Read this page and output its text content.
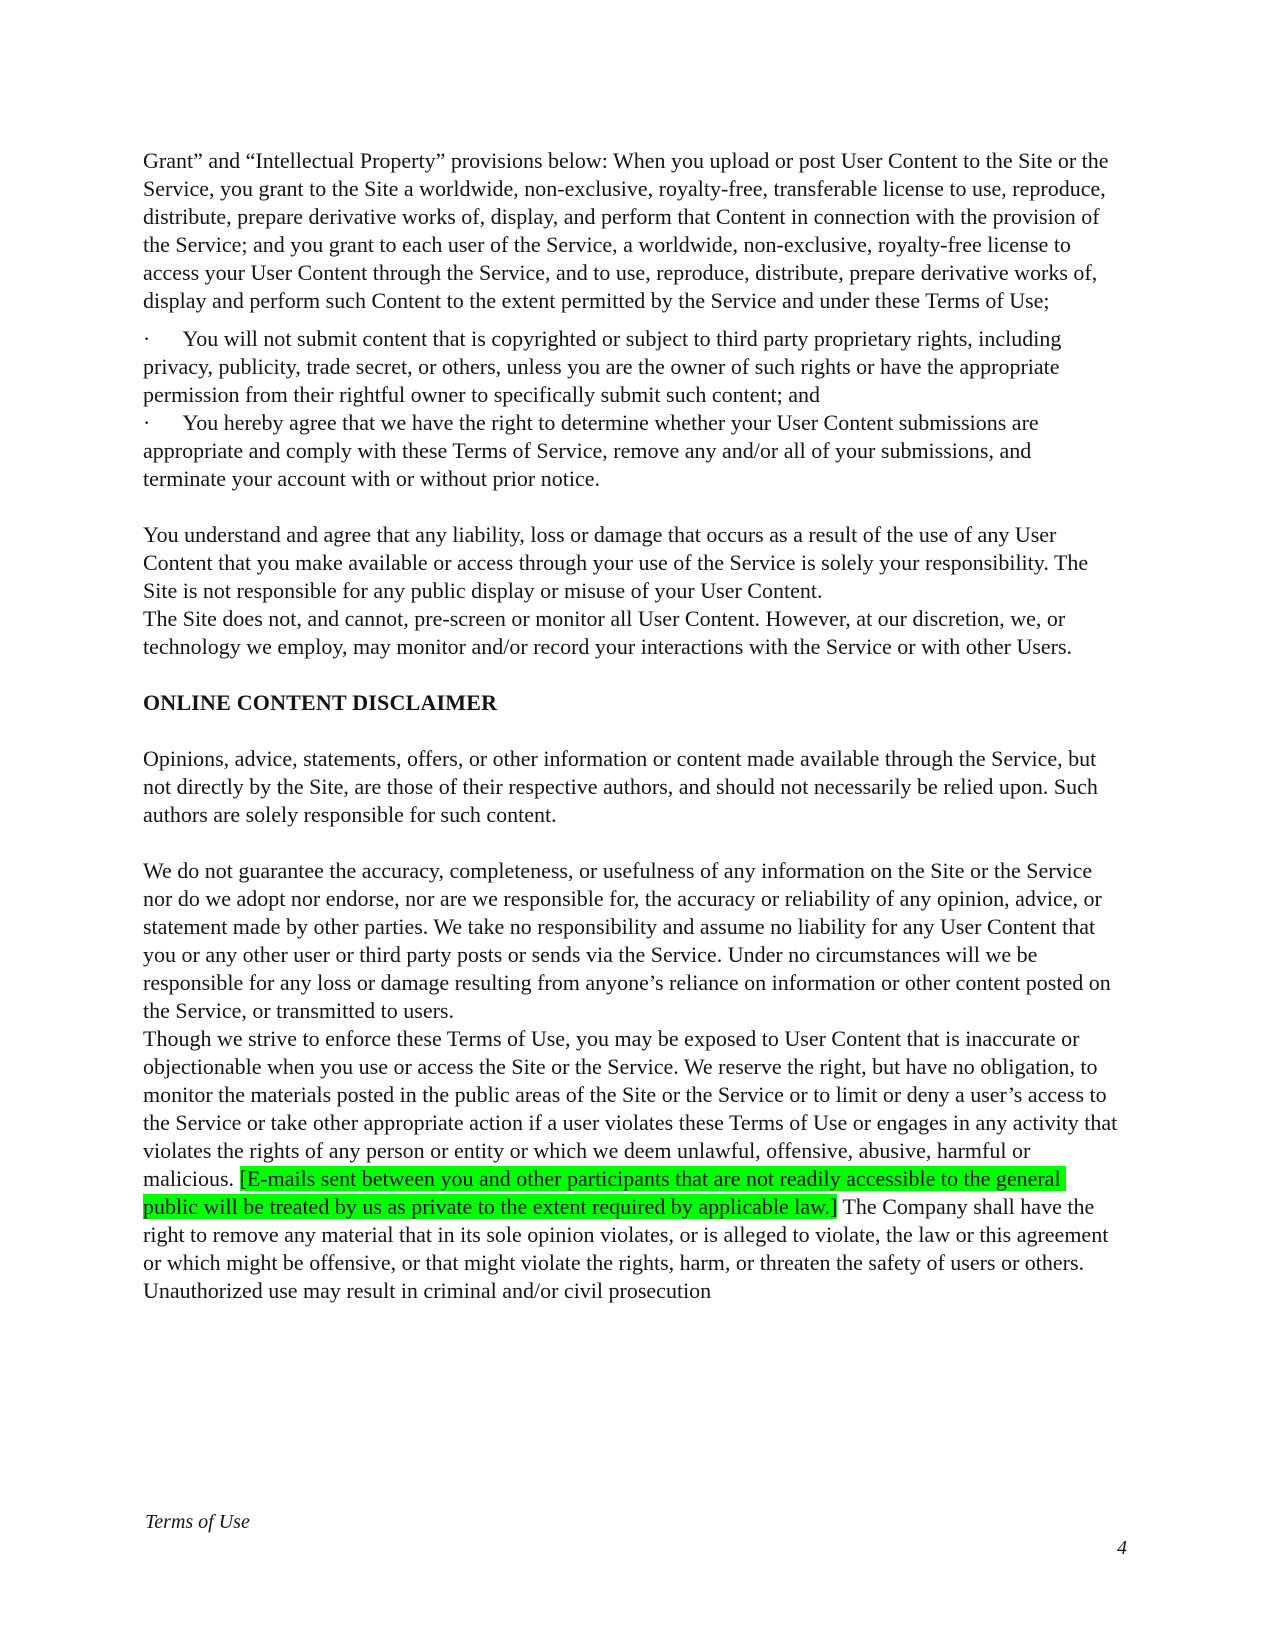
Grant” and “Intellectual Property” provisions below: When you upload or post User Content to the Site or the Service, you grant to the Site a worldwide, non-exclusive, royalty-free, transferable license to use, reproduce, distribute, prepare derivative works of, display, and perform that Content in connection with the provision of the Service; and you grant to each user of the Service, a worldwide, non-exclusive, royalty-free license to access your User Content through the Service, and to use, reproduce, distribute, prepare derivative works of, display and perform such Content to the extent permitted by the Service and under these Terms of Use;

·      You will not submit content that is copyrighted or subject to third party proprietary rights, including privacy, publicity, trade secret, or others, unless you are the owner of such rights or have the appropriate permission from their rightful owner to specifically submit such content; and

·      You hereby agree that we have the right to determine whether your User Content submissions are appropriate and comply with these Terms of Service, remove any and/or all of your submissions, and terminate your account with or without prior notice.

You understand and agree that any liability, loss or damage that occurs as a result of the use of any User Content that you make available or access through your use of the Service is solely your responsibility. The Site is not responsible for any public display or misuse of your User Content.

The Site does not, and cannot, pre-screen or monitor all User Content. However, at our discretion, we, or technology we employ, may monitor and/or record your interactions with the Service or with other Users.

ONLINE CONTENT DISCLAIMER

Opinions, advice, statements, offers, or other information or content made available through the Service, but not directly by the Site, are those of their respective authors, and should not necessarily be relied upon. Such authors are solely responsible for such content.

We do not guarantee the accuracy, completeness, or usefulness of any information on the Site or the Service nor do we adopt nor endorse, nor are we responsible for, the accuracy or reliability of any opinion, advice, or statement made by other parties. We take no responsibility and assume no liability for any User Content that you or any other user or third party posts or sends via the Service. Under no circumstances will we be responsible for any loss or damage resulting from anyone’s reliance on information or other content posted on the Service, or transmitted to users.

Though we strive to enforce these Terms of Use, you may be exposed to User Content that is inaccurate or objectionable when you use or access the Site or the Service. We reserve the right, but have no obligation, to monitor the materials posted in the public areas of the Site or the Service or to limit or deny a user’s access to the Service or take other appropriate action if a user violates these Terms of Use or engages in any activity that violates the rights of any person or entity or which we deem unlawful, offensive, abusive, harmful or malicious. [E-mails sent between you and other participants that are not readily accessible to the general public will be treated by us as private to the extent required by applicable law.] The Company shall have the right to remove any material that in its sole opinion violates, or is alleged to violate, the law or this agreement or which might be offensive, or that might violate the rights, harm, or threaten the safety of users or others.  Unauthorized use may result in criminal and/or civil prosecution

Terms of Use
4
